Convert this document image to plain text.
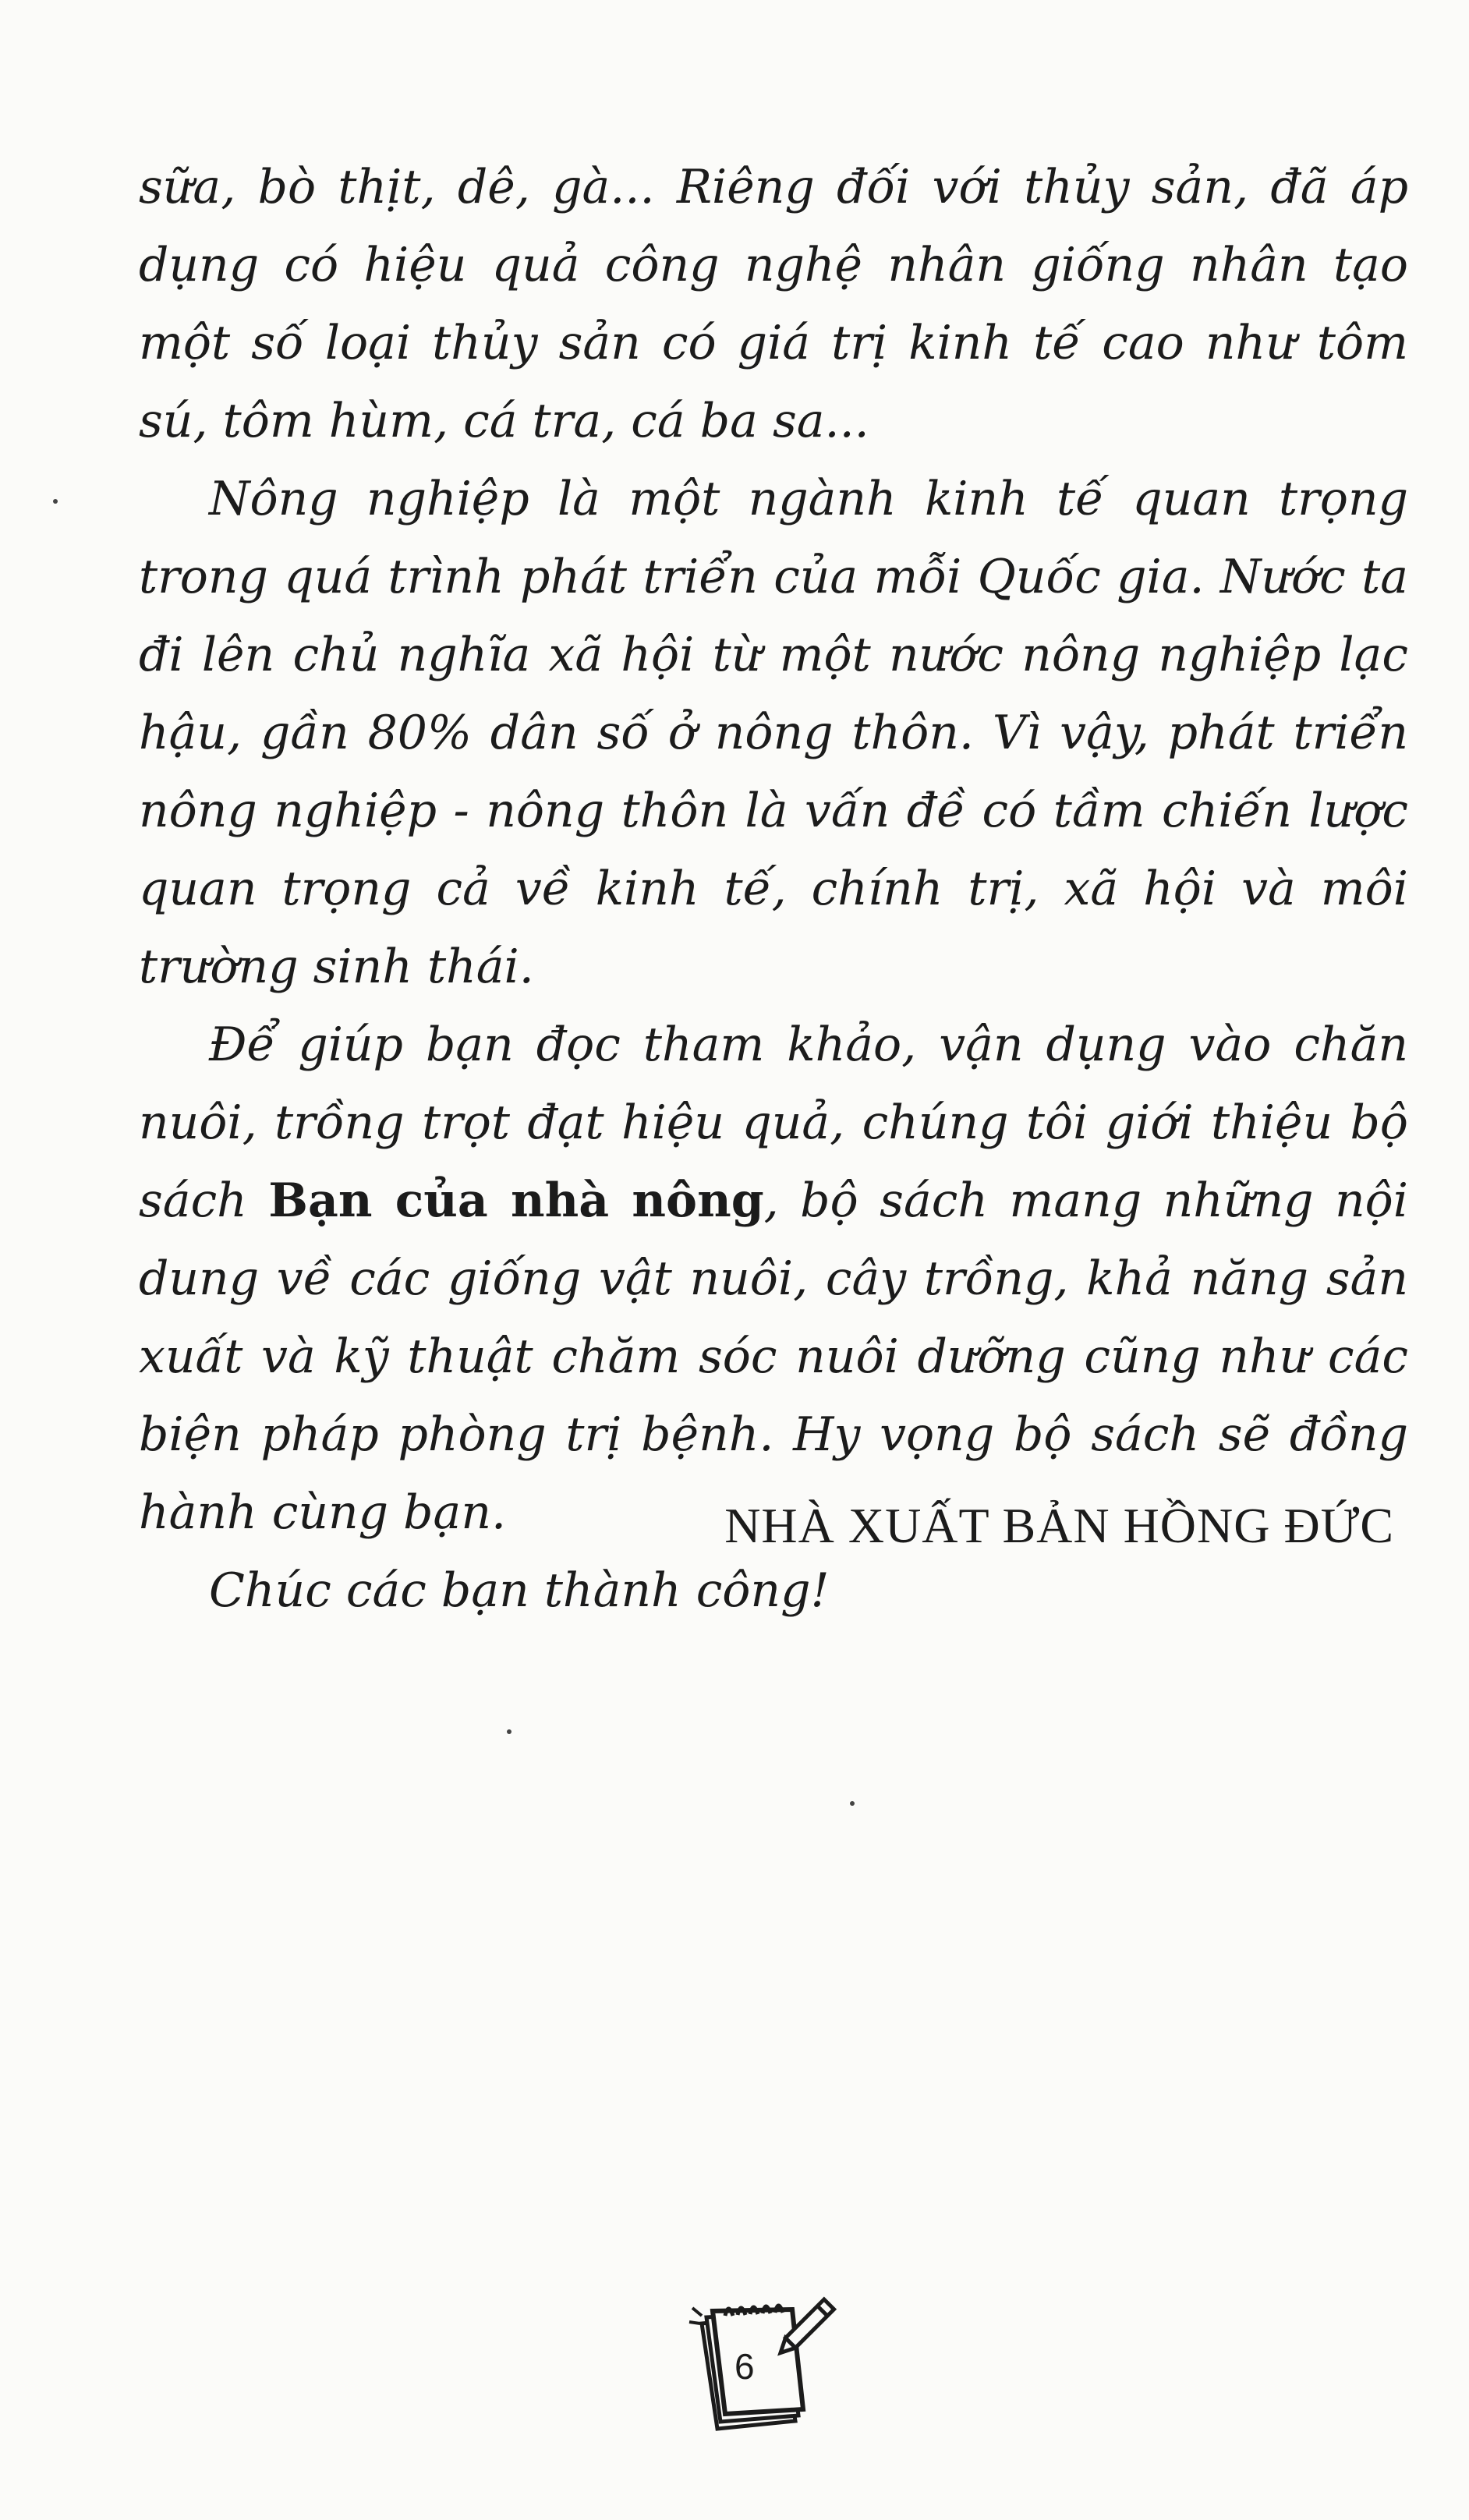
sữa, bò thịt, dê, gà... Riêng đối với thủy sản, đã áp dụng có hiệu quả công nghệ nhân giống nhân tạo một số loại thủy sản có giá trị kinh tế cao như tôm sú, tôm hùm, cá tra, cá ba sa...

Nông nghiệp là một ngành kinh tế quan trọng trong quá trình phát triển của mỗi Quốc gia. Nước ta đi lên chủ nghĩa xã hội từ một nước nông nghiệp lạc hậu, gần 80% dân số ở nông thôn. Vì vậy, phát triển nông nghiệp - nông thôn là vấn đề có tầm chiến lược quan trọng cả về kinh tế, chính trị, xã hội và môi trường sinh thái.

Để giúp bạn đọc tham khảo, vận dụng vào chăn nuôi, trồng trọt đạt hiệu quả, chúng tôi giới thiệu bộ sách Bạn của nhà nông, bộ sách mang những nội dung về các giống vật nuôi, cây trồng, khả năng sản xuất và kỹ thuật chăm sóc nuôi dưỡng cũng như các biện pháp phòng trị bệnh. Hy vọng bộ sách sẽ đồng hành cùng bạn.

Chúc các bạn thành công!

NHÀ XUẤT BẢN HỒNG ĐỨC
6
